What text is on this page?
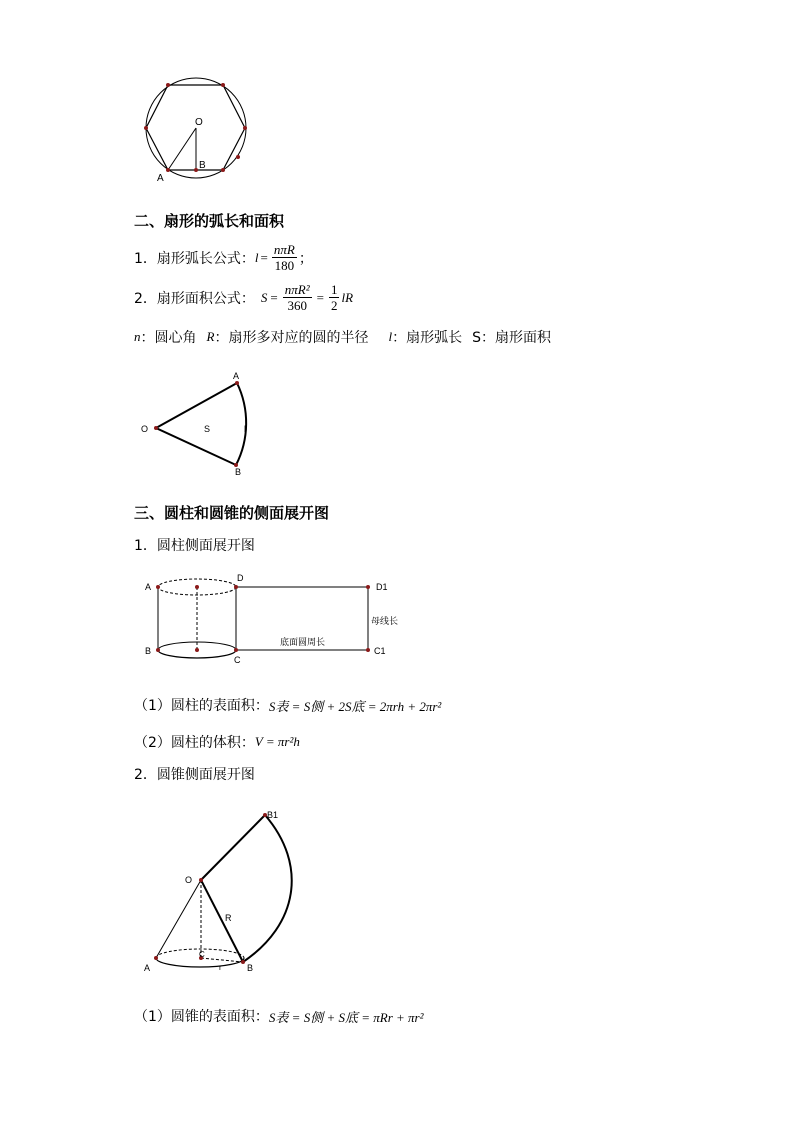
O
A
B
二、扇形的弧长和面积
1．扇形弧长公式： $l = \frac{\text{nπR}}{180}$ ；
2．扇形面积公式： $S = \frac{\text{nπR²}}{360} = \frac{1}{2}$ lR
n ：圆心角 R ：扇形多对应的圆的半径 l ：扇形弧长 S：扇形面积
O
A
B
S	l
三、圆柱和圆锥的侧面展开图
1．圆柱侧面展开图
A
B
D
C
D1
C1
底面圆周长
母线长
（1）圆柱的表面积： S表 = S侧 + 2S底 = 2πrh + 2πr²
（2）圆柱的体积： V = πr²h
2．圆锥侧面展开图
O
B1
R
A	B
C
r
（1）圆锥的表面积： S表 = S侧 + S底 = πRr + πr²
